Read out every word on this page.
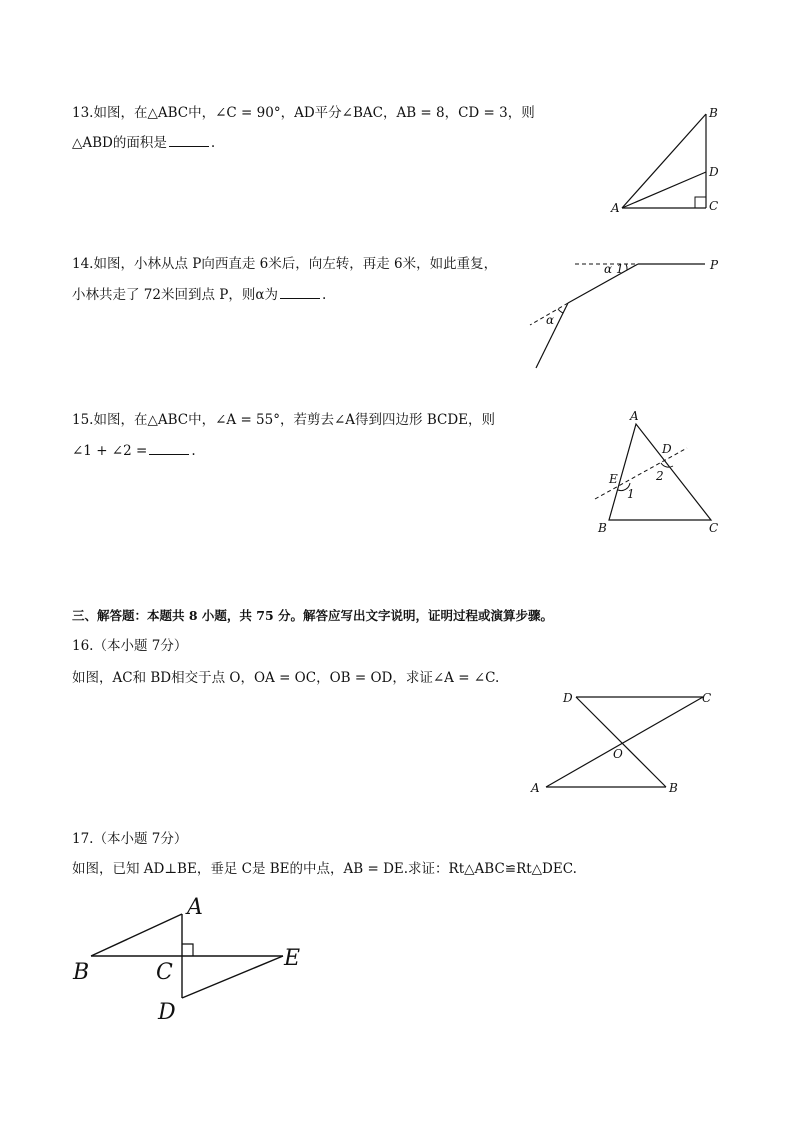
13.如图，在△ABC中，∠C = 90°，AD平分∠BAC，AB = 8，CD = 3，则
△ABD的面积是	.
A
B
D
C
14.如图，小林从点 P向西直走 6米后，向左转，再走 6米，如此重复，
小林共走了 72米回到点 P，则α为	.
P
α 1
α
15.如图，在△ABC中，∠A = 55°，若剪去∠A得到四边形 BCDE，则
∠1 + ∠2 =	.
A
D
E
1
2
B	C
三、解答题：本题共 8 小题，共 75 分。解答应写出文字说明，证明过程或演算步骤。
16.（本小题 7分）
如图，AC和 BD相交于点 O，OA = OC，OB = OD，求证∠A = ∠C.
D	C
O
A	B
17.（本小题 7分）
如图，已知 AD⊥BE，垂足 C是 BE的中点，AB = DE.求证：Rt△ABC≌Rt△DEC.
A
B	C
E
D
